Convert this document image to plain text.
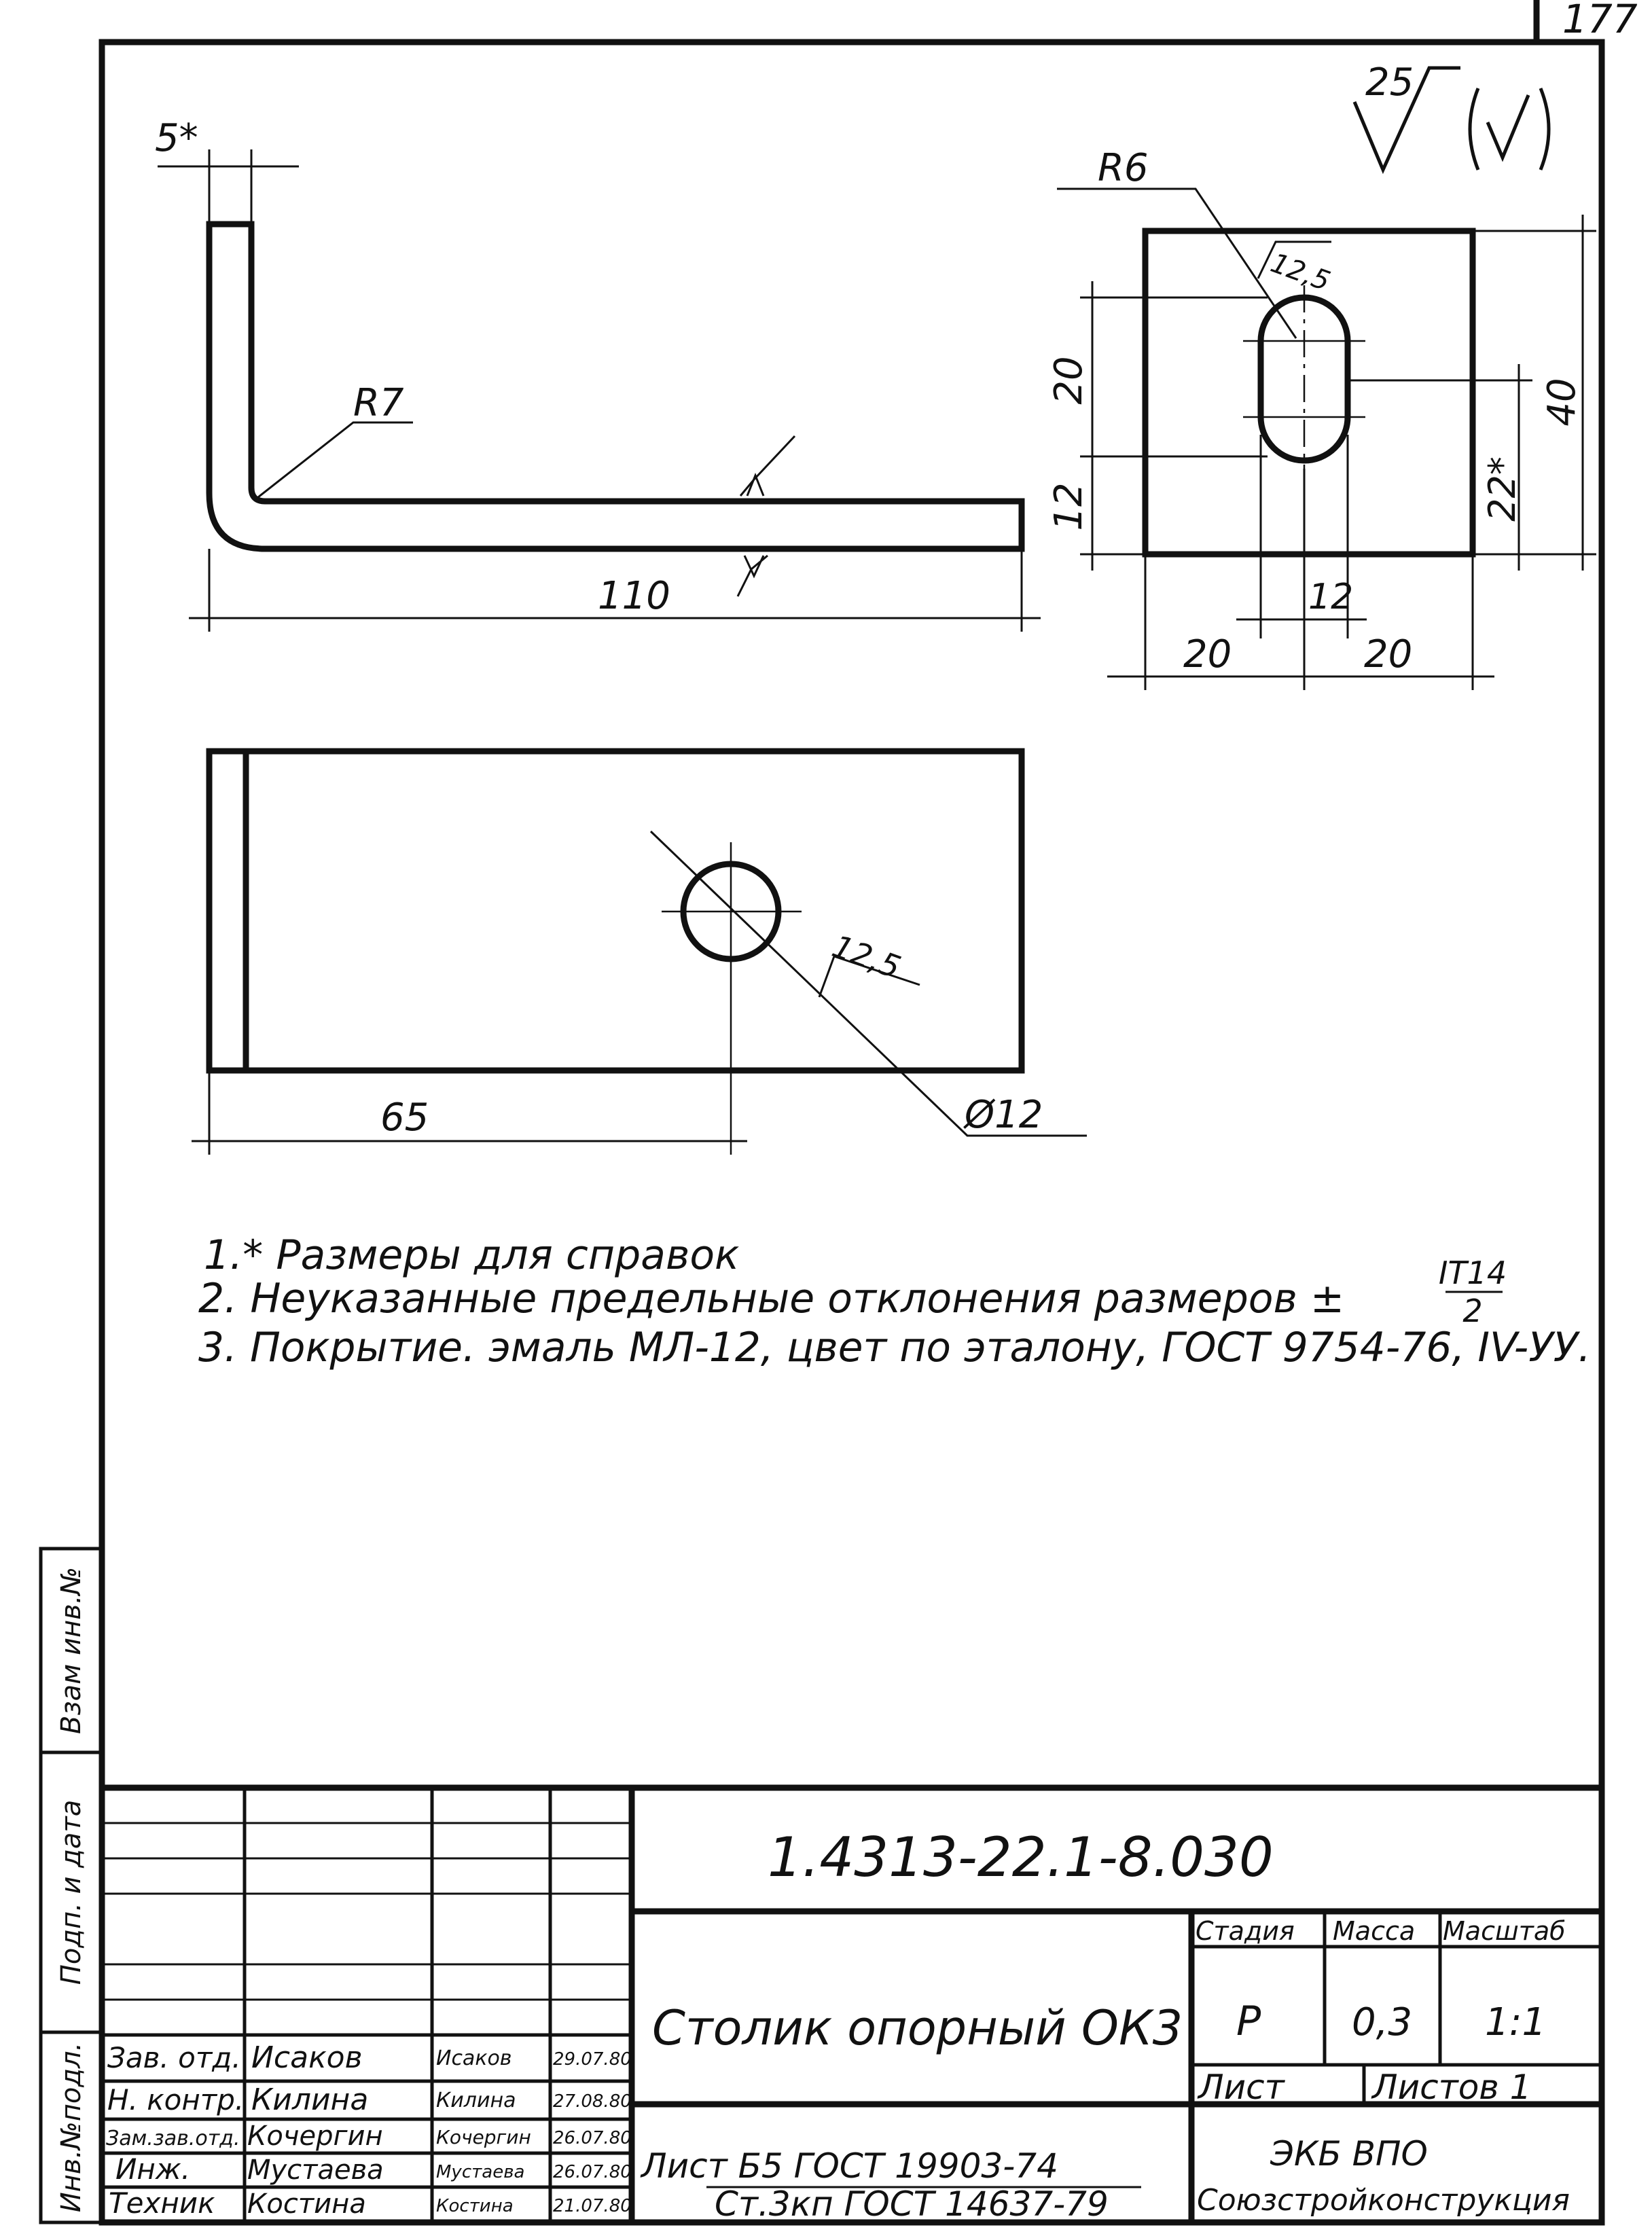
177
25
5*
R7
110
R6
12,5
20
12
40
22*
12
20	20
Ø12
12,5
65
1.* Размеры для справок
2. Неуказанные предельные отклонения размеров ±
IT14
2
3. Покрытие. эмаль МЛ-12, цвет по эталону, ГОСТ 9754-76, IV-УУ.
Инв.№подл.
Подп. и дата
Взам инв.№
Зав. отд. Исаков	Исаков 29.07.80
Н. контр. Килина	Килина 27.08.80
Зам.зав.отд. Кочергин	Кочергин 26.07.80
Инж. Мустаева	Мустаева 26.07.80
Техник Костина	Костина 21.07.80
1.4313-22.1-8.030
Столик опорный ОК3
Лист Б5 ГОСТ 19903-74
Ст.3кп ГОСТ 14637-79
Стадия Масса Масштаб
Р 0,3 1:1
Лист	Листов 1
ЭКБ ВПО
Союзстройконструкция
